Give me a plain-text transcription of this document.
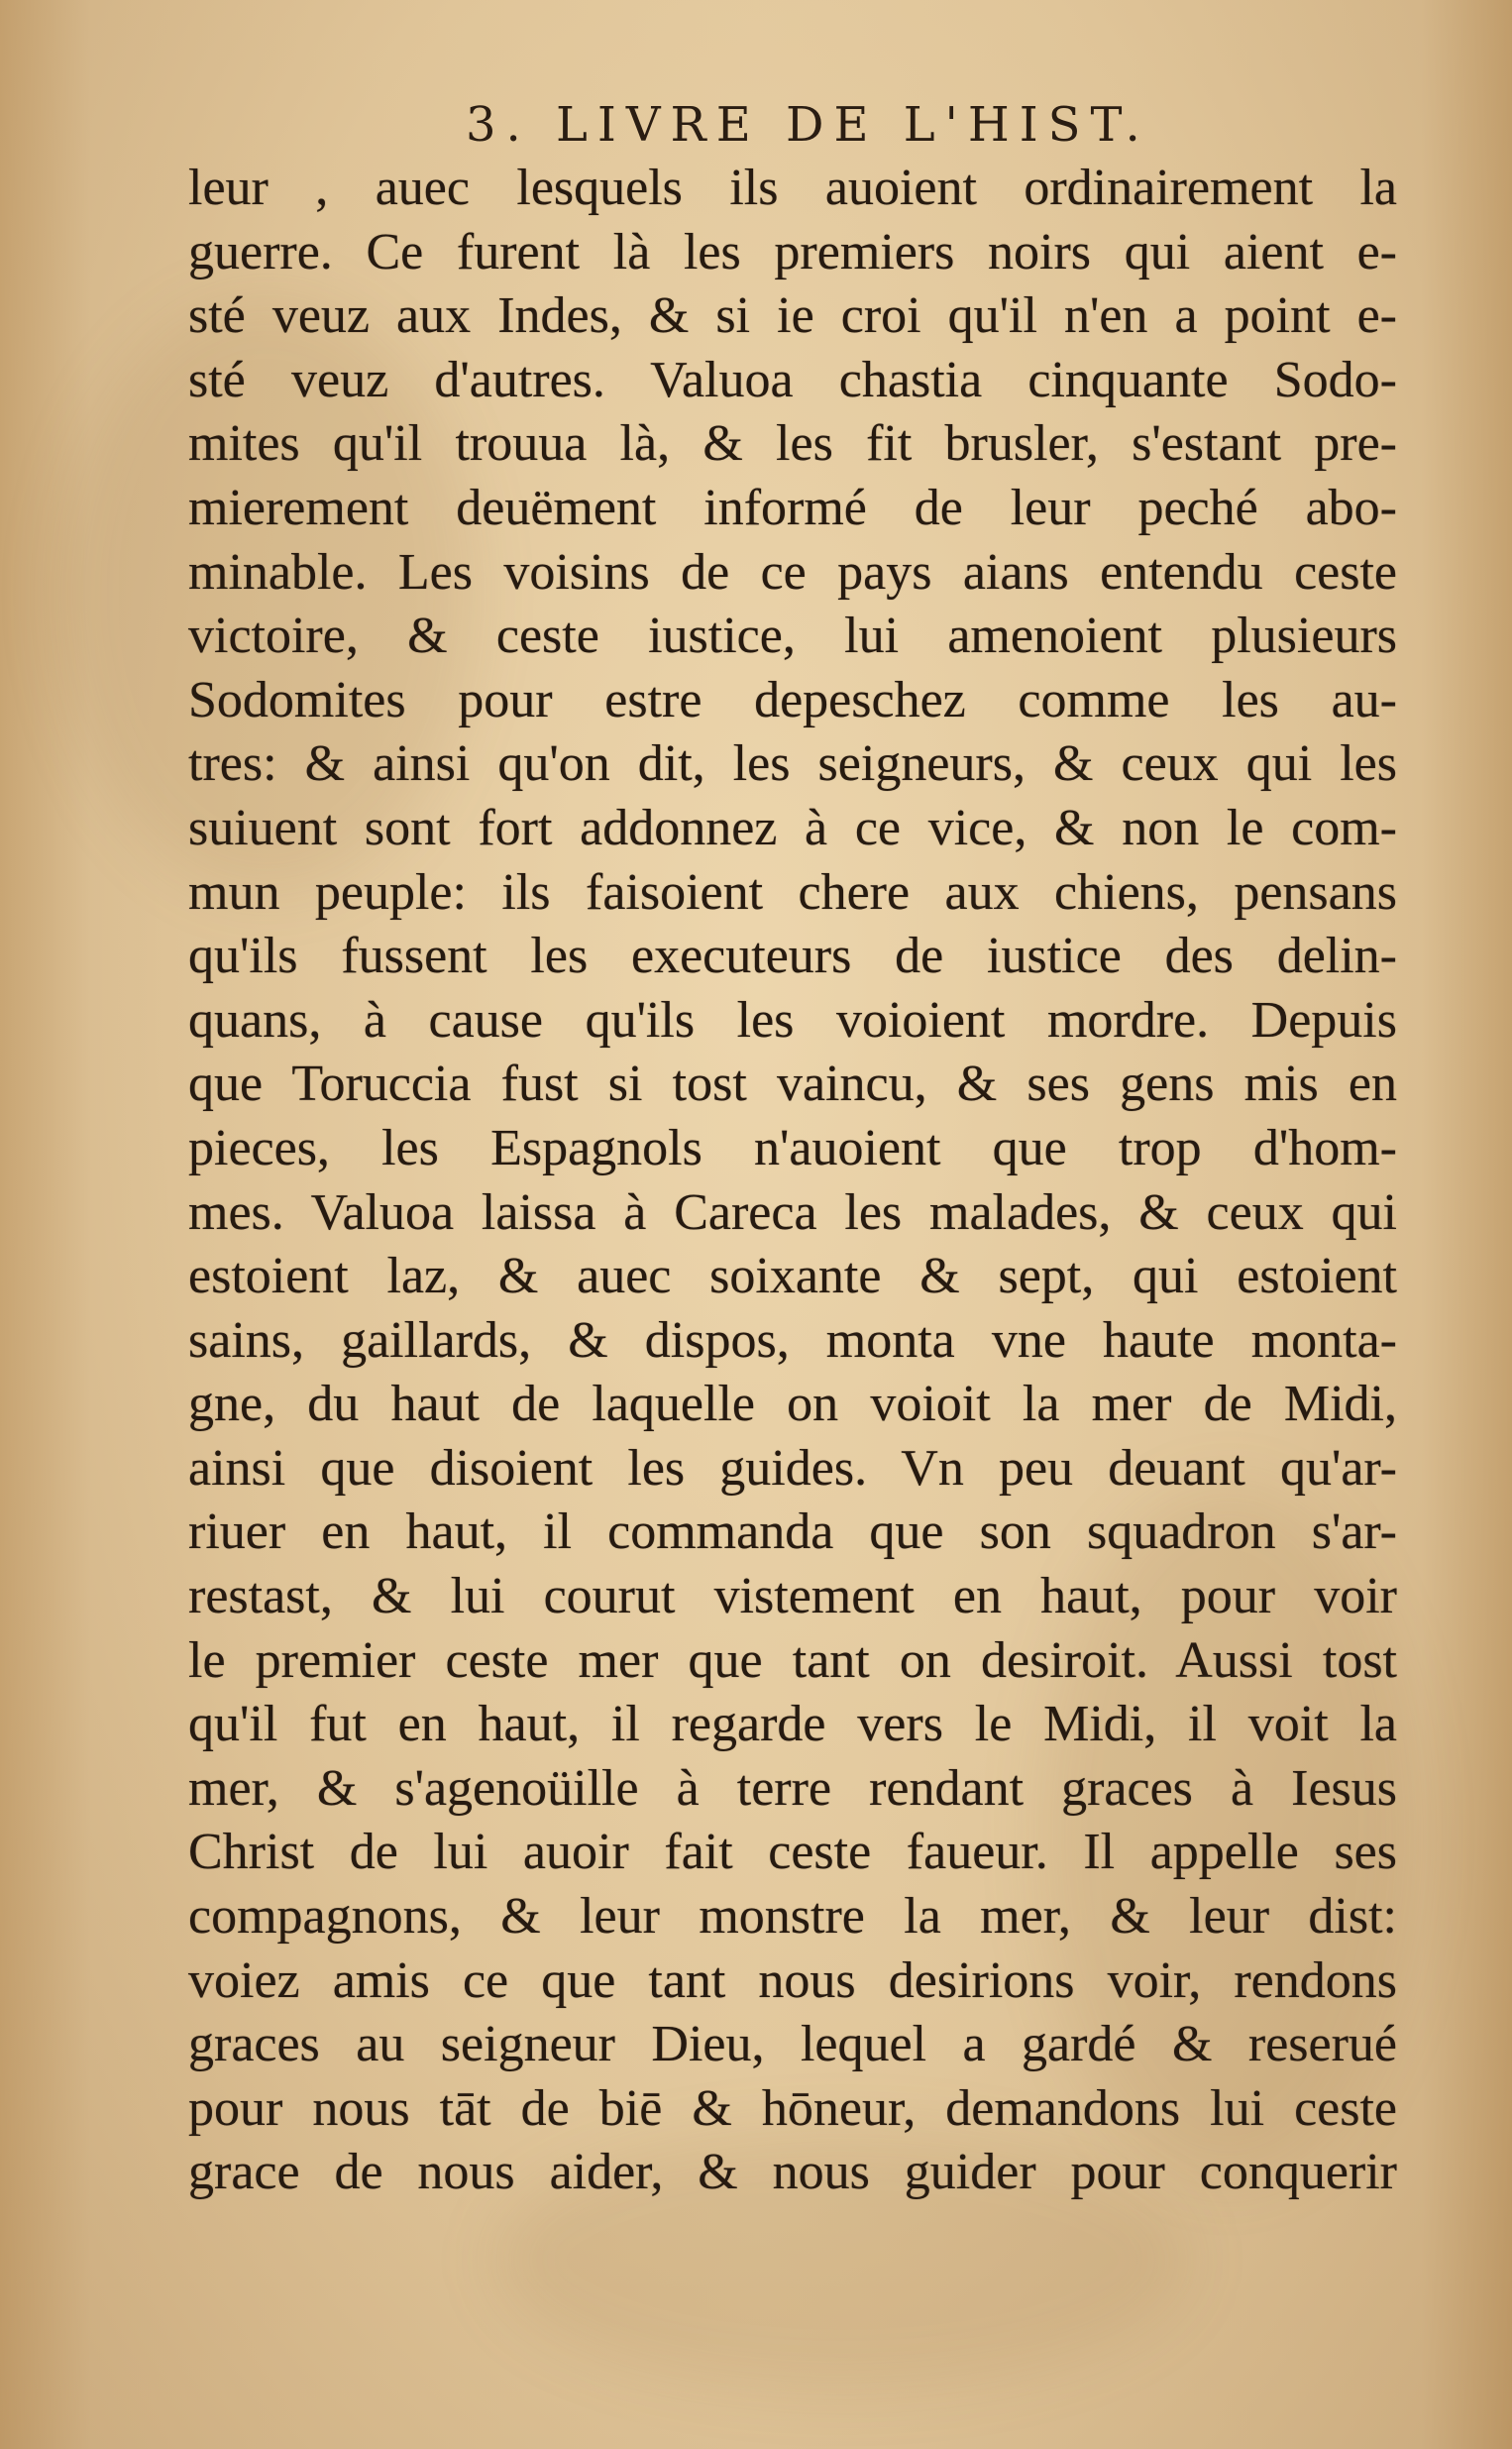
3. LIVRE DE L'HIST.
leur , auec lesquels ils auoient ordinairement la
guerre. Ce furent là les premiers noirs qui aient e-
sté veuz aux Indes, & si ie croi qu'il n'en a point e-
sté veuz d'autres. Valuoa chastia cinquante Sodo-
mites qu'il trouua là, & les fit brusler, s'estant pre-
mierement deuëment informé de leur peché abo-
minable. Les voisins de ce pays aians entendu ceste
victoire, & ceste iustice, lui amenoient plusieurs
Sodomites pour estre depeschez comme les au-
tres: & ainsi qu'on dit, les seigneurs, & ceux qui les
suiuent sont fort addonnez à ce vice, & non le com-
mun peuple: ils faisoient chere aux chiens, pensans
qu'ils fussent les executeurs de iustice des delin-
quans, à cause qu'ils les voioient mordre. Depuis
que Toruccia fust si tost vaincu, & ses gens mis en
pieces, les Espagnols n'auoient que trop d'hom-
mes. Valuoa laissa à Careca les malades, & ceux qui
estoient laz, & auec soixante & sept, qui estoient
sains, gaillards, & dispos, monta vne haute monta-
gne, du haut de laquelle on voioit la mer de Midi,
ainsi que disoient les guides. Vn peu deuant qu'ar-
riuer en haut, il commanda que son squadron s'ar-
restast, & lui courut vistement en haut, pour voir
le premier ceste mer que tant on desiroit. Aussi tost
qu'il fut en haut, il regarde vers le Midi, il voit la
mer, & s'agenoüille à terre rendant graces à Iesus
Christ de lui auoir fait ceste faueur. Il appelle ses
compagnons, & leur monstre la mer, & leur dist:
voiez amis ce que tant nous desirions voir, rendons
graces au seigneur Dieu, lequel a gardé & reserué
pour nous tāt de biē & hōneur, demandons lui ceste
grace de nous aider, & nous guider pour conquerir
